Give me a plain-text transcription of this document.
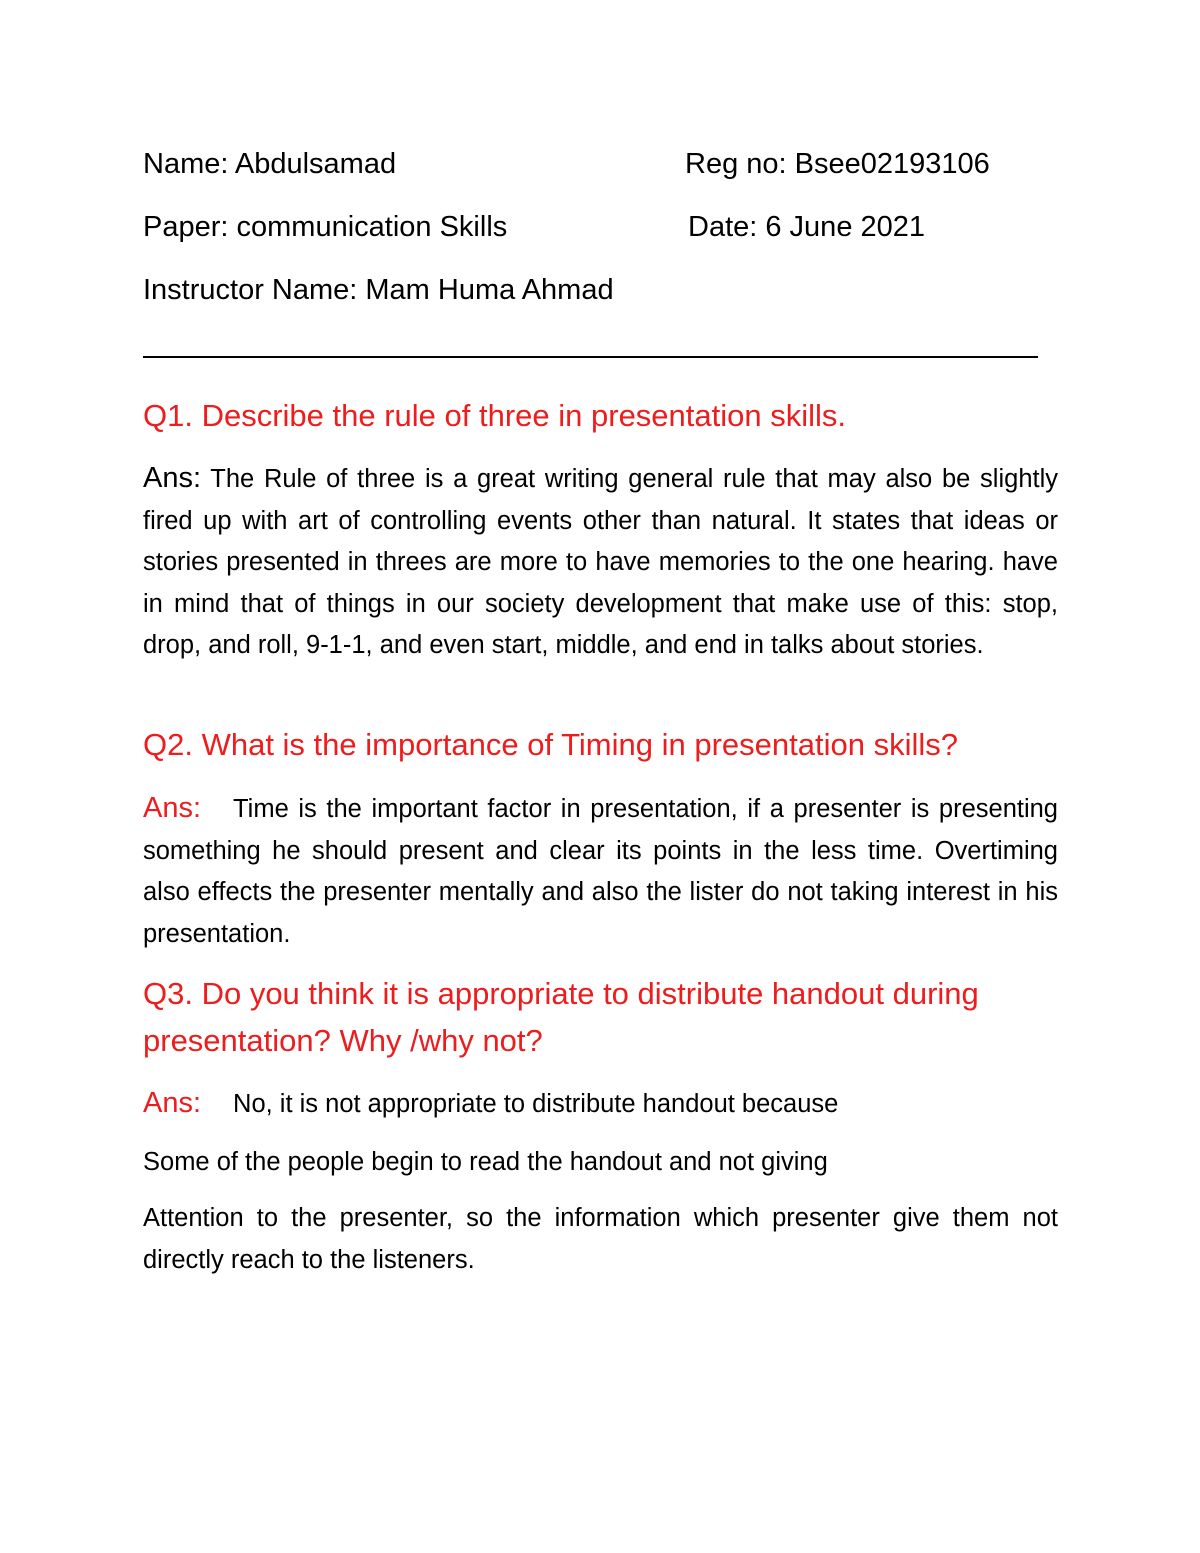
Name: Abdulsamad	Reg no: Bsee02193106
Paper: communication Skills	Date: 6 June 2021
Instructor Name: Mam Huma Ahmad
Q1. Describe the rule of three in presentation skills.
Ans: The Rule of three is a great writing general rule that may also be slightly fired up with art of controlling events other than natural. It states that ideas or stories presented in threes are more to have memories to the one hearing. have in mind that of things in our society development that make use of this: stop, drop, and roll, 9-1-1, and even start, middle, and end in talks about stories.
Q2. What is the importance of Timing in presentation skills?
Ans: Time is the important factor in presentation, if a presenter is presenting something he should present and clear its points in the less time. Overtiming also effects the presenter mentally and also the lister do not taking interest in his presentation.
Q3. Do you think it is appropriate to distribute handout during presentation? Why /why not?
Ans: No, it is not appropriate to distribute handout because
Some of the people begin to read the handout and not giving
Attention to the presenter, so the information which presenter give them not directly reach to the listeners.
